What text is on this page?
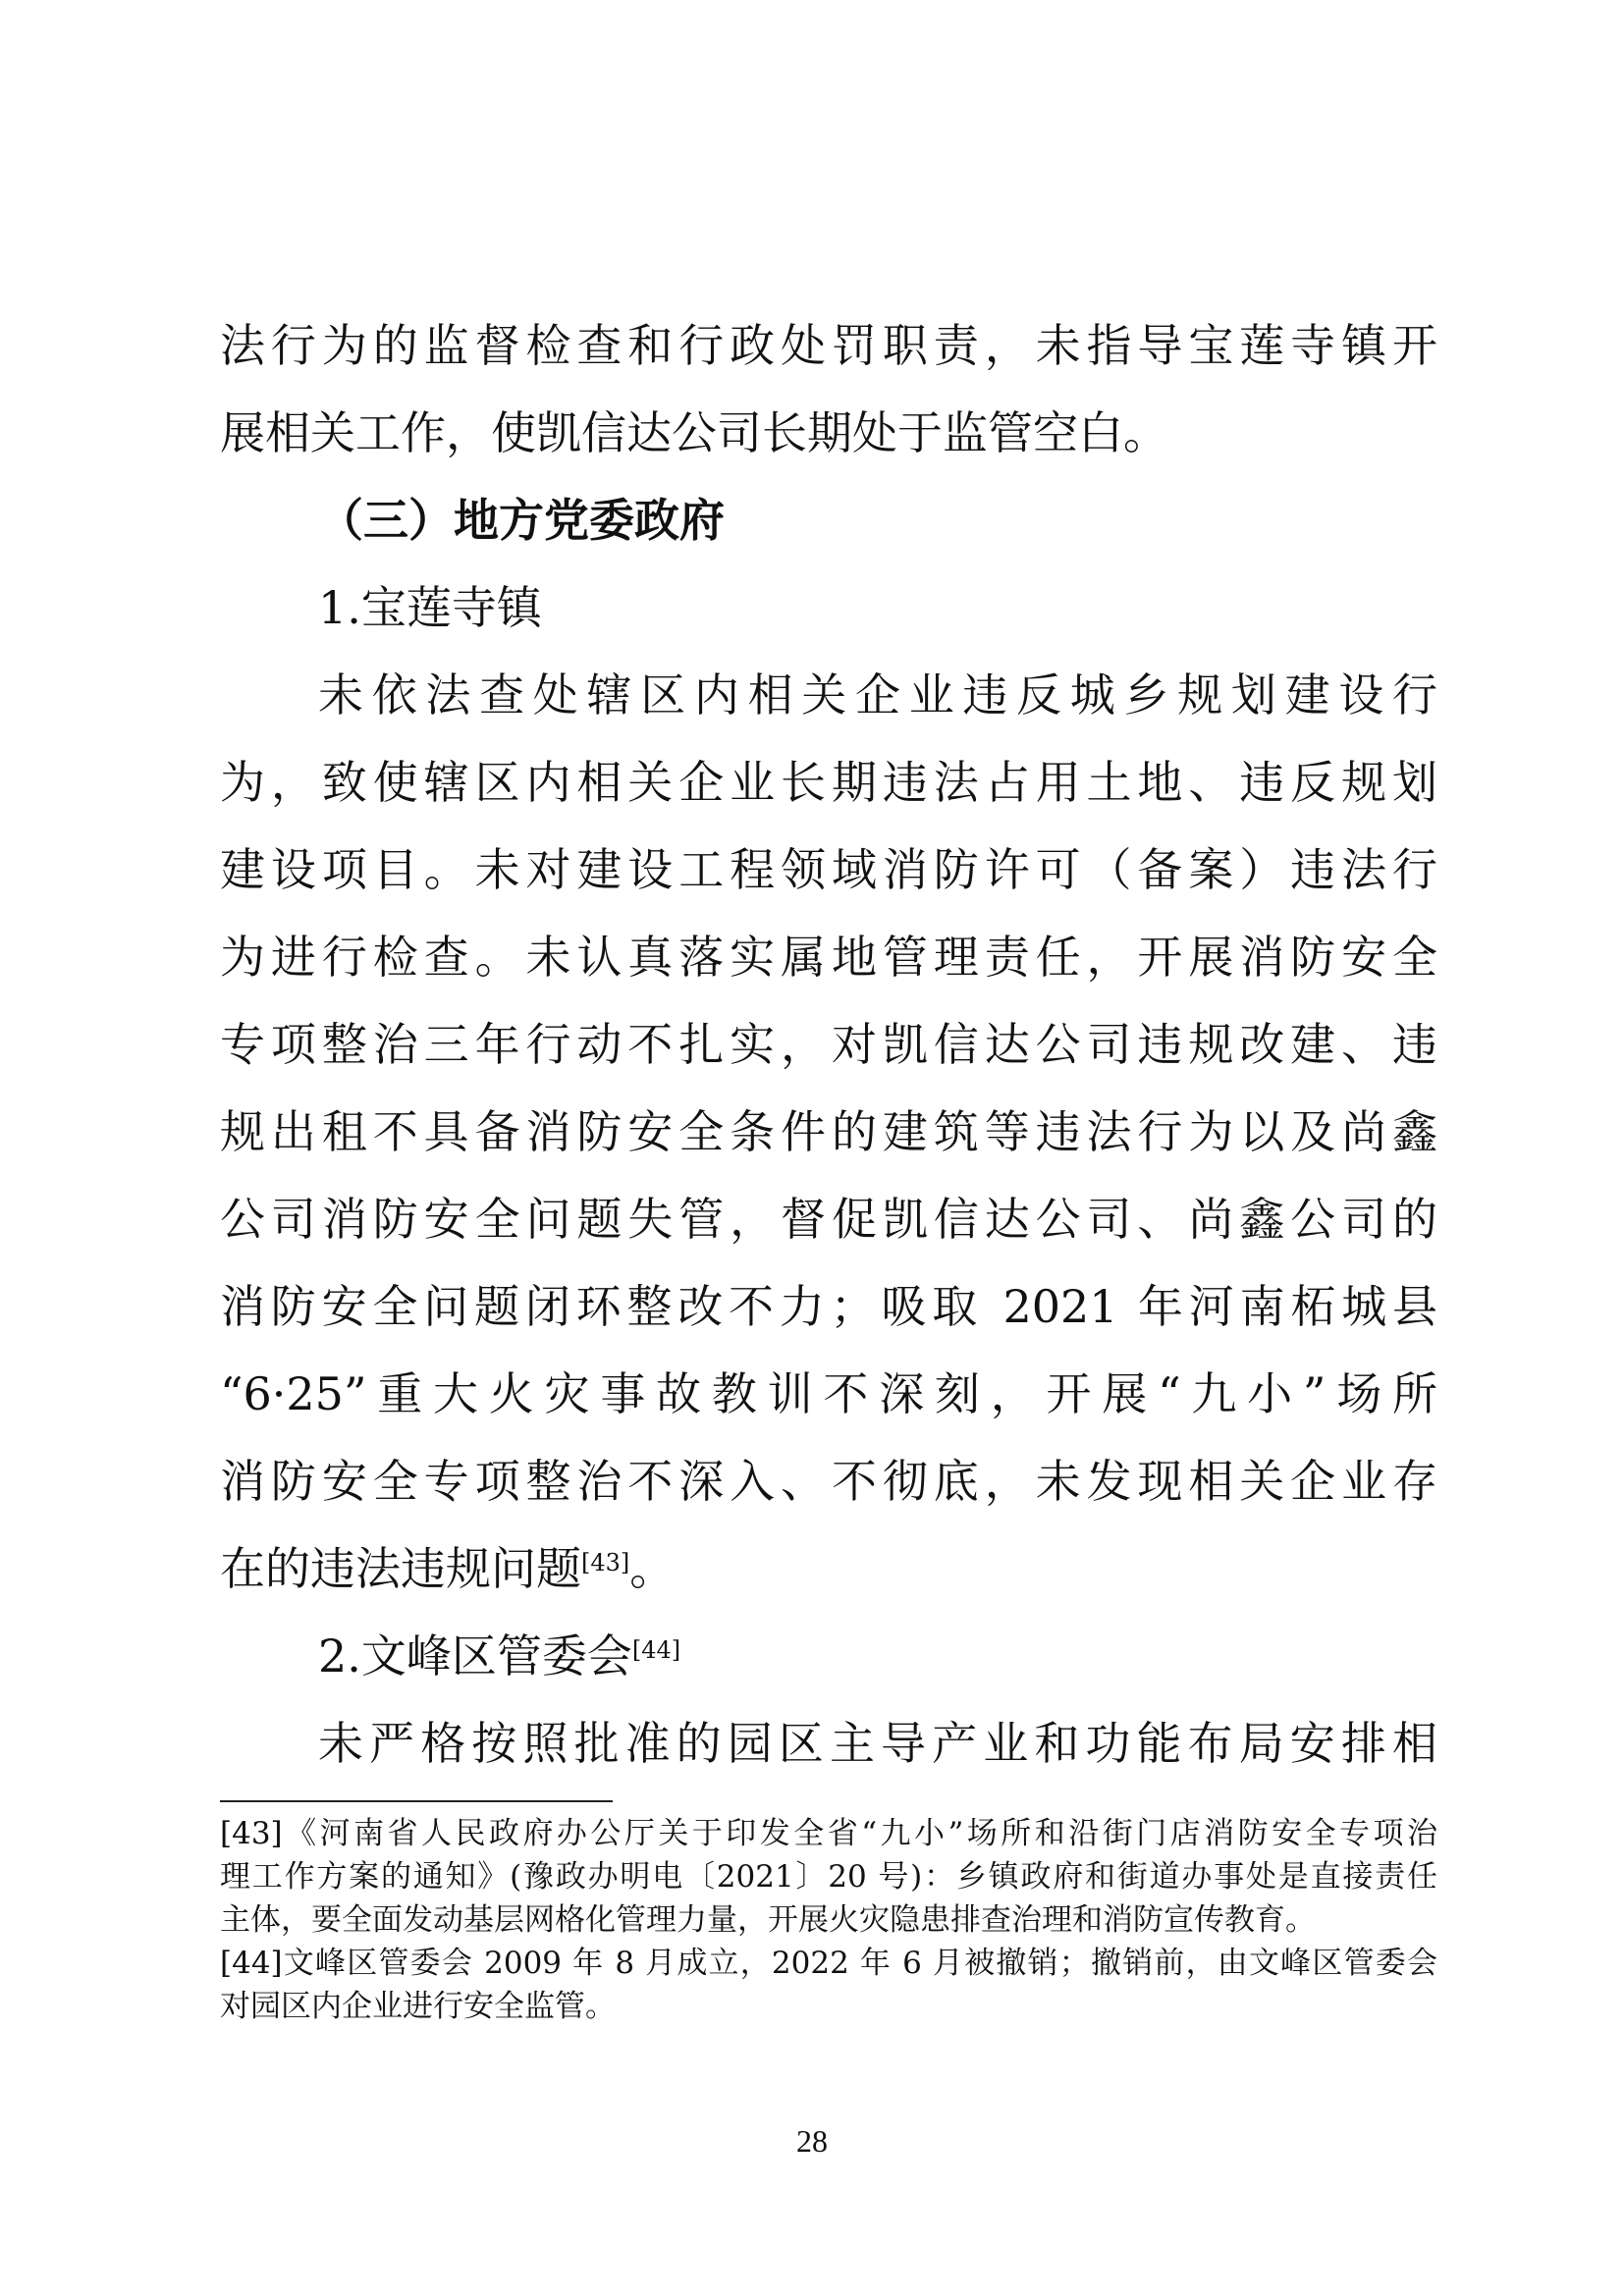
法行为的监督检查和行政处罚职责，未指导宝莲寺镇开
展相关工作，使凯信达公司长期处于监管空白。
（三）地方党委政府
1.宝莲寺镇
未依法查处辖区内相关企业违反城乡规划建设行
为，致使辖区内相关企业长期违法占用土地、违反规划
建设项目。未对建设工程领域消防许可（备案）违法行
为进行检查。未认真落实属地管理责任，开展消防安全
专项整治三年行动不扎实，对凯信达公司违规改建、违
规出租不具备消防安全条件的建筑等违法行为以及尚鑫
公司消防安全问题失管，督促凯信达公司、尚鑫公司的
消防安全问题闭环整改不力；吸取 2021 年河南柘城县
“6·25”重大火灾事故教训不深刻，开展“九小”场所
消防安全专项整治不深入、不彻底，未发现相关企业存
在的违法违规问题[43]。
2.文峰区管委会[44]
未严格按照批准的园区主导产业和功能布局安排相
[43]《河南省人民政府办公厅关于印发全省“九小”场所和沿街门店消防安全专项治
理工作方案的通知》(豫政办明电〔2021〕20 号)：乡镇政府和街道办事处是直接责任
主体，要全面发动基层网格化管理力量，开展火灾隐患排查治理和消防宣传教育。
[44]文峰区管委会 2009 年 8 月成立，2022 年 6 月被撤销；撤销前，由文峰区管委会
对园区内企业进行安全监管。
28
